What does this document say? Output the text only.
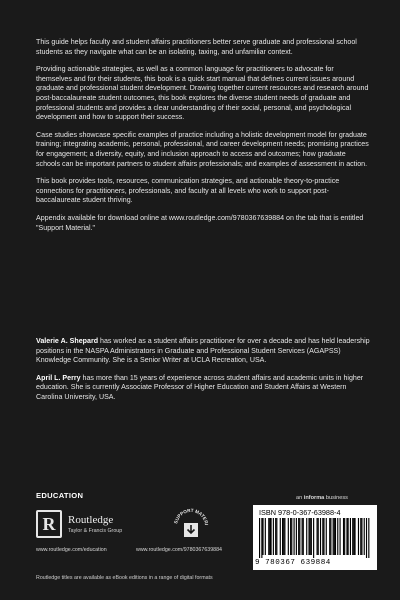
This guide helps faculty and student affairs practitioners better serve graduate and professional school students as they navigate what can be an isolating, taxing, and unfamiliar context.

Providing actionable strategies, as well as a common language for practitioners to advocate for themselves and for their students, this book is a quick start manual that defines current issues around graduate and professional student development. Drawing together current resources and research around post-baccalaureate student outcomes, this book explores the diverse student needs of graduate and professional students and provides a clear understanding of their social, personal, and psychological development and how to support their success.

Case studies showcase specific examples of practice including a holistic development model for graduate training; integrating academic, personal, professional, and career development needs; promising practices for engagement; a diversity, equity, and inclusion approach to access and outcomes; how graduate schools can be important partners to student affairs professionals; and examples of assessment in action.

This book provides tools, resources, communication strategies, and actionable theory-to-practice connections for practitioners, professionals, and faculty at all levels who work to support post-baccalaureate student thriving.

Appendix available for download online at www.routledge.com/9780367639884 on the tab that is entitled "Support Material."

Valerie A. Shepard has worked as a student affairs practitioner for over a decade and has held leadership positions in the NASPA Administrators in Graduate and Professional Student Services (AGAPSS) Knowledge Community. She is a Senior Writer at UCLA Recreation, USA.

April L. Perry has more than 15 years of experience across student affairs and academic units in higher education. She is currently Associate Professor of Higher Education and Student Affairs at Western Carolina University, USA.

EDUCATION
R Routledge
Taylor & Francis Group
www.routledge.com/education
SUPPORT MATERI
www.routledge.com/9780367639884
an informa business
ISBN 978-0-367-63988-4
9 780367 639884
Routledge titles are available as eBook editions in a range of digital formats
